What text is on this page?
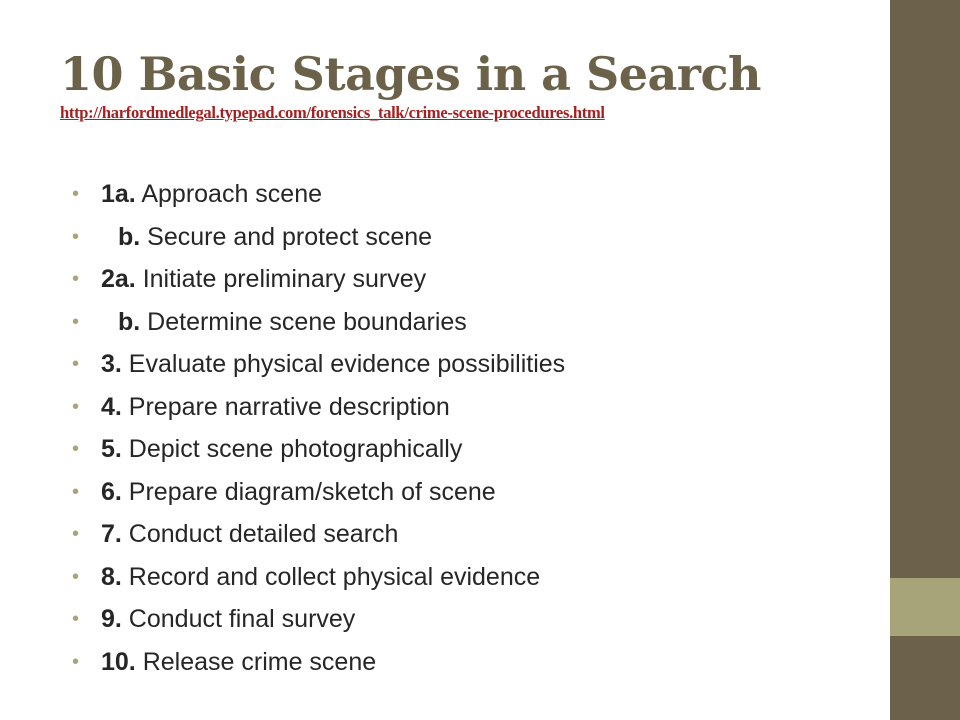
10 Basic Stages in a Search
http://harfordmedlegal.typepad.com/forensics_talk/crime-scene-procedures.html
• 1a. Approach scene
• b. Secure and protect scene
• 2a. Initiate preliminary survey
• b. Determine scene boundaries
• 3. Evaluate physical evidence possibilities
• 4. Prepare narrative description
• 5. Depict scene photographically
• 6. Prepare diagram/sketch of scene
• 7. Conduct detailed search
• 8. Record and collect physical evidence
• 9. Conduct final survey
• 10. Release crime scene
